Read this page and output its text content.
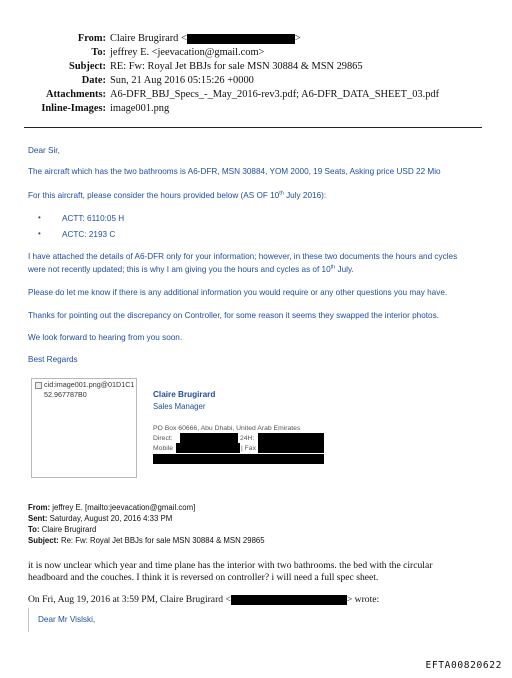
From: Claire Brugirard <	>
To: jeffrey E. <jeevacation@gmail.com>
Subject: RE: Fw: Royal Jet BBJs for sale MSN 30884 & MSN 29865
Date: Sun, 21 Aug 2016 05:15:26 +0000
Attachments: A6-DFR_BBJ_Specs_-_May_2016-rev3.pdf; A6-DFR_DATA_SHEET_03.pdf
Inline-Images: image001.png
Dear Sir,
The aircraft which has the two bathrooms is A6-DFR, MSN 30884, YOM 2000, 19 Seats, Asking price USD 22 Mio
For this aircraft, please consider the hours provided below (AS OF 10th July 2016):
•	ACTT: 6110:05 H
•	ACTC: 2193 C
I have attached the details of A6-DFR only for your information; however, in these two documents the hours and cycles
were not recently updated; this is why I am giving you the hours and cycles as of 10th July.
Please do let me know if there is any additional information you would require or any other questions you may have.
Thanks for pointing out the discrepancy on Controller, for some reason it seems they swapped the interior photos.
We look forward to hearing from you soon.
Best Regards
cid:image001.png@01D1C152.967787B0	Claire Brugirard
Sales Manager
PO Box 60666, Abu Dhabi, United Arab Emirates
Direct:	24H:
Mobile	| Fax
From: jeffrey E. [mailto:jeevacation@gmail.com]
Sent: Saturday, August 20, 2016 4:33 PM
To: Claire Brugirard
Subject: Re: Fw: Royal Jet BBJs for sale MSN 30884 & MSN 29865
it is now unclear which year and time plane has the interior with two bathrooms. the bed with the circular
headboard and the couches. I think it is reversed on controller? i will need a full spec sheet.
On Fri, Aug 19, 2016 at 3:59 PM, Claire Brugirard <	> wrote:
Dear Mr Vislski,
EFTA00820622
